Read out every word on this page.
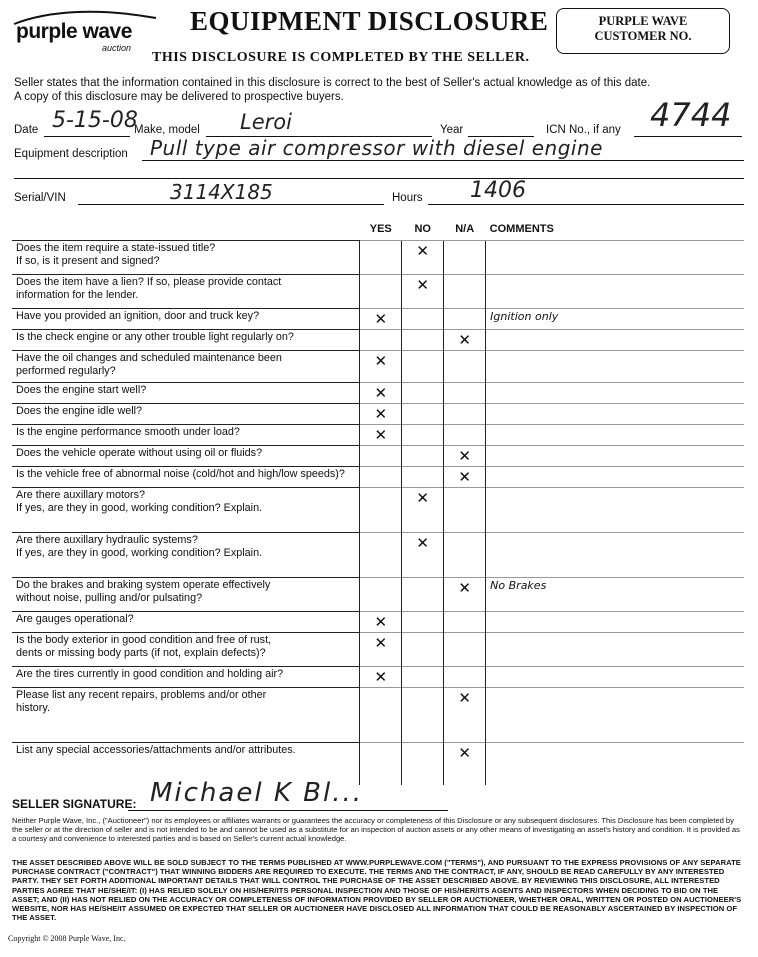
purple wave
auction
EQUIPMENT DISCLOSURE
THIS DISCLOSURE IS COMPLETED BY THE SELLER.
PURPLE WAVE
CUSTOMER NO.
Seller states that the information contained in this disclosure is correct to the best of Seller's actual knowledge as of this date.
A copy of this disclosure may be delivered to prospective buyers.
Date 5-15-08
Make, model Leroi	Year	ICN No., if any 4744
Equipment description Pull type air compressor with diesel engine
Serial/VIN	3114X185	Hours 1406
	YES	NO	N/A	COMMENTS
Does the item require a state-issued title?
If so, is it present and signed?		✕		
Does the item have a lien? If so, please provide contact
information for the lender.		✕		
Have you provided an ignition, door and truck key?	✕			Ignition only
Is the check engine or any other trouble light regularly on?			✕	
Have the oil changes and scheduled maintenance been
performed regularly?	✕			
Does the engine start well?	✕			
Does the engine idle well?	✕			
Is the engine performance smooth under load?	✕			
Does the vehicle operate without using oil or fluids?			✕	
Is the vehicle free of abnormal noise (cold/hot and high/low speeds)?			✕	
Are there auxillary motors?
If yes, are they in good, working condition? Explain.		✕		
Are there auxillary hydraulic systems?
If yes, are they in good, working condition? Explain.		✕		
Do the brakes and braking system operate effectively
without noise, pulling and/or pulsating?			✕	No Brakes
Are gauges operational?	✕			
Is the body exterior in good condition and free of rust,
dents or missing body parts (if not, explain defects)?	✕			
Are the tires currently in good condition and holding air?	✕			
Please list any recent repairs, problems and/or other
history.			✕	
List any special accessories/attachments and/or attributes.			✕	
SELLER SIGNATURE: Michael K Bl...
Neither Purple Wave, Inc., ("Auctioneer") nor its employees or affiliates warrants or guarantees the accuracy or completeness of this Disclosure or any subsequent disclosures. This Disclosure has been completed by the seller or at the direction of seller and is not intended to be and cannot be used as a substitute for an inspection of auction assets or any other means of investigating an asset's history and condition. It is provided as a courtesy and convenience to interested parties and is based on Seller's current actual knowledge.
THE ASSET DESCRIBED ABOVE WILL BE SOLD SUBJECT TO THE TERMS PUBLISHED AT WWW.PURPLEWAVE.COM ("TERMS"), AND PURSUANT TO THE EXPRESS PROVISIONS OF ANY SEPARATE PURCHASE CONTRACT ("CONTRACT") THAT WINNING BIDDERS ARE REQUIRED TO EXECUTE. THE TERMS AND THE CONTRACT, IF ANY, SHOULD BE READ CAREFULLY BY ANY INTERESTED PARTY. THEY SET FORTH ADDITIONAL IMPORTANT DETAILS THAT WILL CONTROL THE PURCHASE OF THE ASSET DESCRIBED ABOVE. BY REVIEWING THIS DISCLOSURE, ALL INTERESTED PARTIES AGREE THAT HE/SHE/IT: (I) HAS RELIED SOLELY ON HIS/HER/ITS PERSONAL INSPECTION AND THOSE OF HIS/HER/ITS AGENTS AND INSPECTORS WHEN DECIDING TO BID ON THE ASSET; AND (II) HAS NOT RELIED ON THE ACCURACY OR COMPLETENESS OF INFORMATION PROVIDED BY SELLER OR AUCTIONEER, WHETHER ORAL, WRITTEN OR POSTED ON AUCTIONEER'S WEBSITE, NOR HAS HE/SHE/IT ASSUMED OR EXPECTED THAT SELLER OR AUCTIONEER HAVE DISCLOSED ALL INFORMATION THAT COULD BE REASONABLY ASCERTAINED BY INSPECTION OF THE ASSET.
Copyright © 2008 Purple Wave, Inc.
